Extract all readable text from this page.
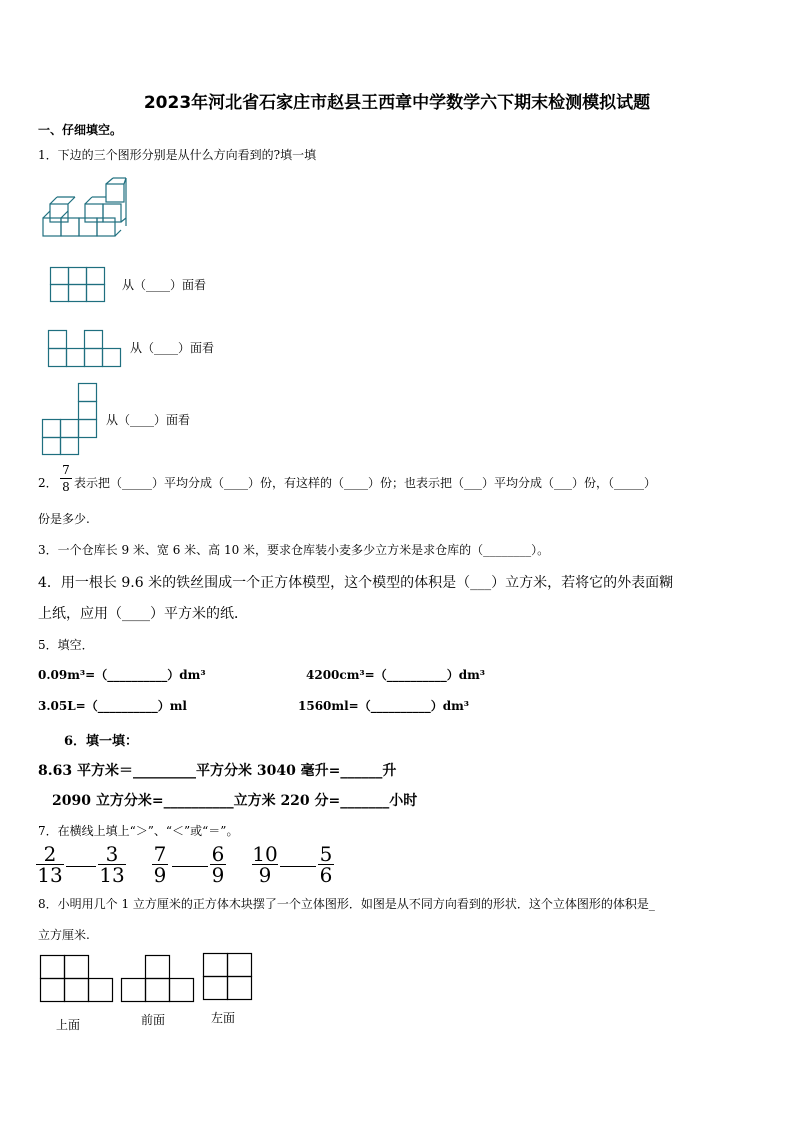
2023年河北省石家庄市赵县王西章中学数学六下期末检测模拟试题
一、仔细填空。
1．下边的三个图形分别是从什么方向看到的?填一填
从（____）面看
从（____）面看
从（____）面看
2．
7
8 表示把（_____）平均分成（____）份，有这样的（____）份；也表示把（___）平均分成（___）份，（_____）
份是多少.
3．一个仓库长 9 米、宽 6 米、高 10 米，要求仓库装小麦多少立方米是求仓库的（________）。
4．用一根长 9.6 米的铁丝围成一个正方体模型，这个模型的体积是（___）立方米，若将它的外表面糊
上纸，应用（____）平方米的纸．
5．填空．
0.09m³=（__________）dm³	4200cm³=（__________）dm³
3.05L=（__________）ml	1560ml=（__________）dm³
6．填一填：
8.63 平方米＝_________平方分米 3040 毫升=______升
2090 立方分米=__________立方米 220 分=_______小时
7．在横线上填上“＞”、“＜”或“＝”。
2
13
3
13
7
9
6
9
10
9
5
6
8．小明用几个 1 立方厘米的正方体木块摆了一个立体图形．如图是从不同方向看到的形状．这个立体图形的体积是_
立方厘米.
上面	前面	左面
